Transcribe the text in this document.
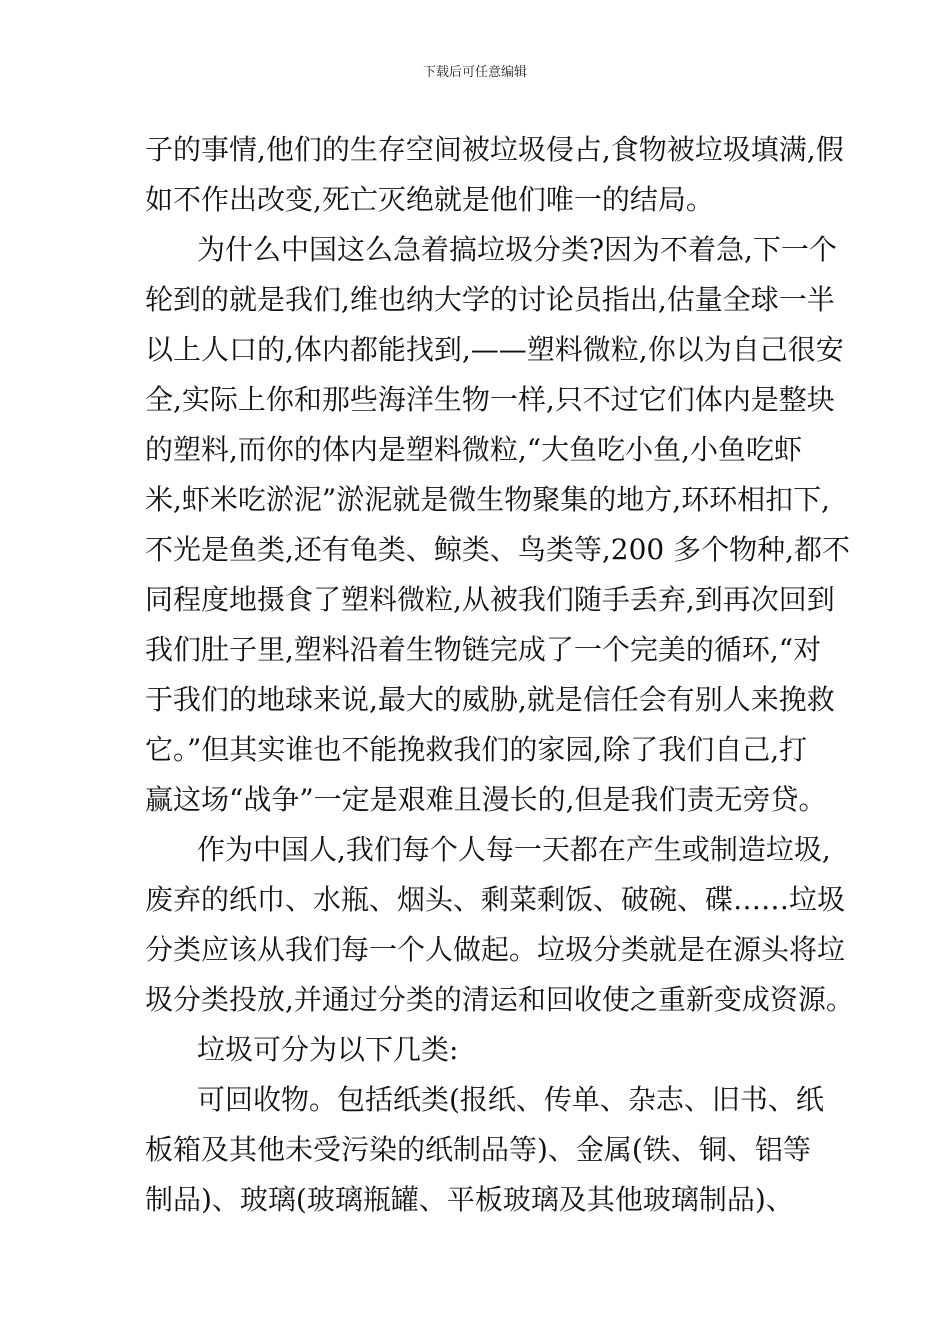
下载后可任意编辑
子的事情,他们的生存空间被垃圾侵占,食物被垃圾填满,假
如不作出改变,死亡灭绝就是他们唯一的结局。
为什么中国这么急着搞垃圾分类?因为不着急,下一个
轮到的就是我们,维也纳大学的讨论员指出,估量全球一半
以上人口的,体内都能找到,——塑料微粒,你以为自己很安
全,实际上你和那些海洋生物一样,只不过它们体内是整块
的塑料,而你的体内是塑料微粒,“大鱼吃小鱼,小鱼吃虾
米,虾米吃淤泥”淤泥就是微生物聚集的地方,环环相扣下,
不光是鱼类,还有龟类、鲸类、鸟类等,200 多个物种,都不
同程度地摄食了塑料微粒,从被我们随手丢弃,到再次回到
我们肚子里,塑料沿着生物链完成了一个完美的循环,“对
于我们的地球来说,最大的威胁,就是信任会有别人来挽救
它。”但其实谁也不能挽救我们的家园,除了我们自己,打
赢这场“战争”一定是艰难且漫长的,但是我们责无旁贷。
作为中国人,我们每个人每一天都在产生或制造垃圾,
废弃的纸巾、水瓶、烟头、剩菜剩饭、破碗、碟……垃圾
分类应该从我们每一个人做起。垃圾分类就是在源头将垃
圾分类投放,并通过分类的清运和回收使之重新变成资源。
垃圾可分为以下几类:
可回收物。包括纸类(报纸、传单、杂志、旧书、纸
板箱及其他未受污染的纸制品等)、金属(铁、铜、铝等
制品)、玻璃(玻璃瓶罐、平板玻璃及其他玻璃制品)、
